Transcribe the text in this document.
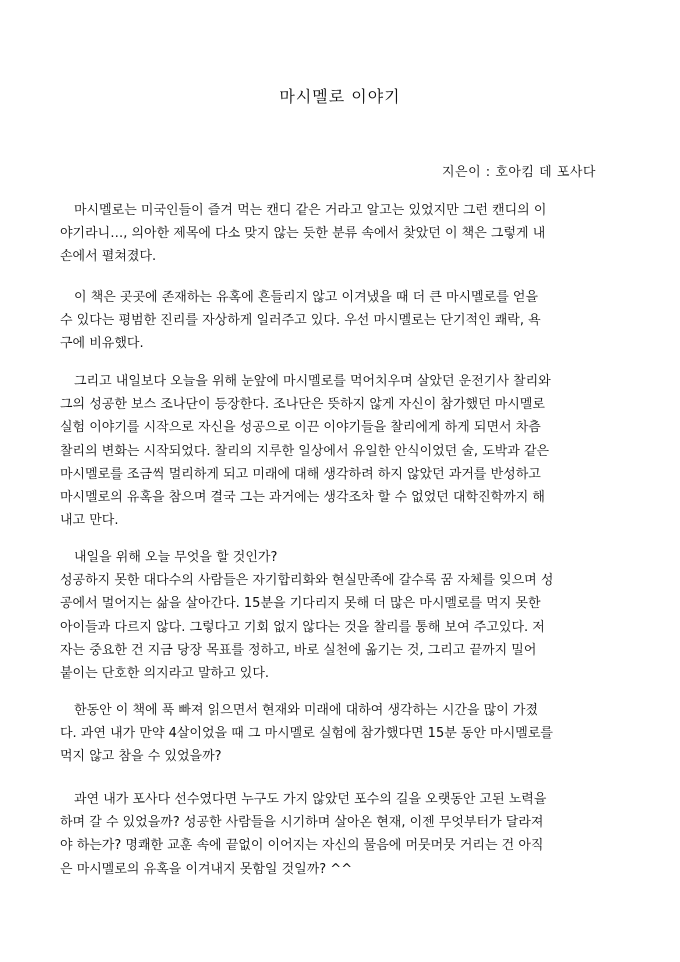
마시멜로 이야기
지은이 : 호아킴 데 포사다
마시멜로는 미국인들이 즐겨 먹는 캔디 같은 거라고 알고는 있었지만 그런 캔디의 이
야기라니…, 의아한 제목에 다소 맞지 않는 듯한 분류 속에서 찾았던 이 책은 그렇게 내
손에서 펼쳐졌다.
이 책은 곳곳에 존재하는 유혹에 흔들리지 않고 이겨냈을 때 더 큰 마시멜로를 얻을
수 있다는 평범한 진리를 자상하게 일러주고 있다. 우선 마시멜로는 단기적인 쾌락, 욕
구에 비유했다.
그리고 내일보다 오늘을 위해 눈앞에 마시멜로를 먹어치우며 살았던 운전기사 찰리와
그의 성공한 보스 조나단이 등장한다. 조나단은 뜻하지 않게 자신이 참가했던 마시멜로
실험 이야기를 시작으로 자신을 성공으로 이끈 이야기들을 찰리에게 하게 되면서 차츰
찰리의 변화는 시작되었다. 찰리의 지루한 일상에서 유일한 안식이었던 술, 도박과 같은
마시멜로를 조금씩 멀리하게 되고 미래에 대해 생각하려 하지 않았던 과거를 반성하고
마시멜로의 유혹을 참으며 결국 그는 과거에는 생각조차 할 수 없었던 대학진학까지 해
내고 만다.
내일을 위해 오늘 무엇을 할 것인가?
성공하지 못한 대다수의 사람들은 자기합리화와 현실만족에 갈수록 꿈 자체를 잊으며 성
공에서 멀어지는 삶을 살아간다. 15분을 기다리지 못해 더 많은 마시멜로를 먹지 못한
아이들과 다르지 않다. 그렇다고 기회 없지 않다는 것을 찰리를 통해 보여 주고있다. 저
자는 중요한 건 지금 당장 목표를 정하고, 바로 실천에 옮기는 것, 그리고 끝까지 밀어
붙이는 단호한 의지라고 말하고 있다.
한동안 이 책에 푹 빠져 읽으면서 현재와 미래에 대하여 생각하는 시간을 많이 가졌
다. 과연 내가 만약 4살이었을 때 그 마시멜로 실험에 참가했다면 15분 동안 마시멜로를
먹지 않고 참을 수 있었을까?
과연 내가 포사다 선수였다면 누구도 가지 않았던 포수의 길을 오랫동안 고된 노력을
하며 갈 수 있었을까? 성공한 사람들을 시기하며 살아온 현재, 이젠 무엇부터가 달라져
야 하는가? 명쾌한 교훈 속에 끝없이 이어지는 자신의 물음에 머뭇머뭇 거리는 건 아직
은 마시멜로의 유혹을 이겨내지 못함일 것일까? ^^
